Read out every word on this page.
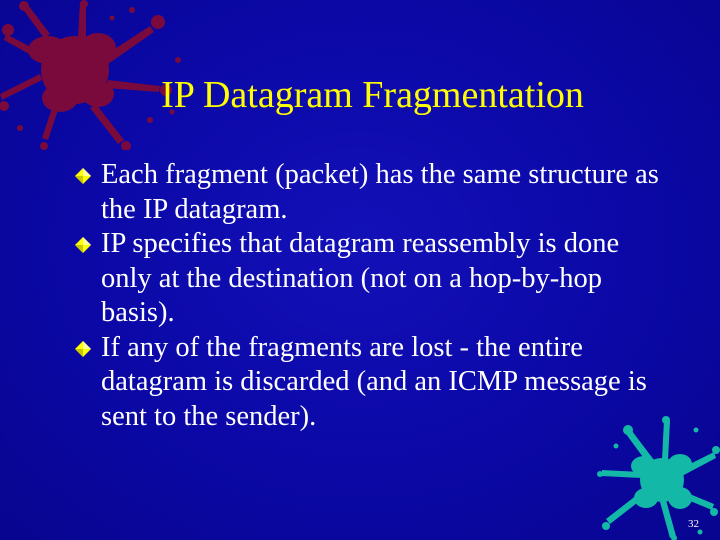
IP Datagram Fragmentation
Each fragment (packet) has the same structure as the IP datagram.
IP specifies that datagram reassembly is done only at the destination (not on a hop-by-hop basis).
If any of the fragments are lost - the entire datagram is discarded (and an ICMP message is sent to the sender).
32
